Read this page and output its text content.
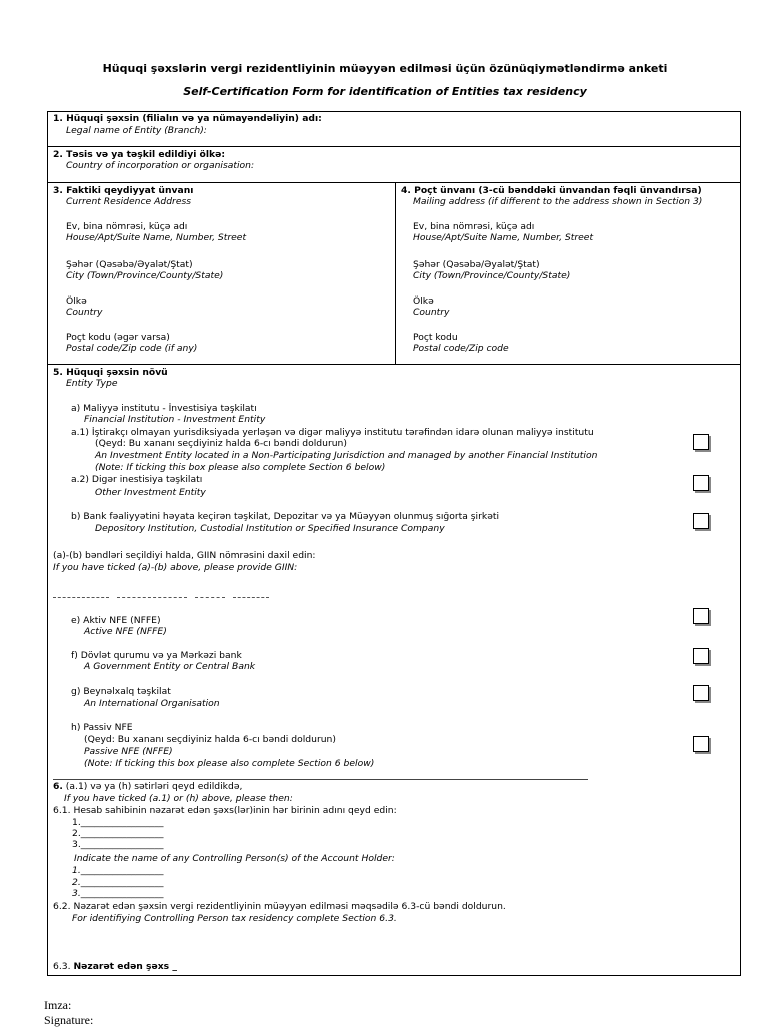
Hüquqi şəxslərin vergi rezidentliyinin müəyyən edilməsi üçün özünüqiymətləndirmə anketi
Self-Certification Form for identification of Entities tax residency
1. Hüquqi şəxsin (filialın və ya nümayəndəliyin) adı:
Legal name of Entity (Branch):
2. Təsis və ya təşkil edildiyi ölkə:
Country of incorporation or organisation:
3. Faktiki qeydiyyat ünvanı
Current Residence Address
Ev, bina nömrəsi, küçə adı
House/Apt/Suite Name, Number, Street
Şəhər (Qəsəbə/Əyalət/Ştat)
City (Town/Province/County/State)
Ölkə
Country
Poçt kodu (əgər varsa)
Postal code/Zip code (if any)
4. Poçt ünvanı (3-cü bənddəki ünvandan fəqli ünvandırsa)
Mailing address (if different to the address shown in Section 3)
Ev, bina nömrəsi, küçə adı
House/Apt/Suite Name, Number, Street
Şəhər (Qəsəbə/Əyalət/Ştat)
City (Town/Province/County/State)
Ölkə
Country
Poçt kodu
Postal code/Zip code
5. Hüquqi şəxsin növü
Entity Type
a) Maliyyə institutu - İnvestisiya təşkilatı
Financial Institution - Investment Entity
a.1) İştirakçı olmayan yurisdiksiyada yerləşən və digər maliyyə institutu tərəfindən idarə olunan maliyyə institutu
(Qeyd: Bu xananı seçdiyiniz halda 6-cı bəndi doldurun)
An Investment Entity located in a Non-Participating Jurisdiction and managed by another Financial Institution
(Note: If ticking this box please also complete Section 6 below)
a.2) Digər inestisiya təşkilatı
Other Investment Entity
b) Bank fəaliyyətini həyata keçirən təşkilat, Depozitar və ya Müəyyən olunmuş sığorta şirkəti
Depository Institution, Custodial Institution or Specified Insurance Company
(a)-(b) bəndləri seçildiyi halda, GIIN nömrəsini daxil edin:
If you have ticked (a)-(b) above, please provide GIIN:
e) Aktiv NFE (NFFE)
Active NFE (NFFE)
f) Dövlət qurumu və ya Mərkəzi bank
A Government Entity or Central Bank
g) Beynəlxalq təşkilat
An International Organisation
h) Passiv NFE
(Qeyd: Bu xananı seçdiyiniz halda 6-cı bəndi doldurun)
Passive NFE (NFFE)
(Note: If ticking this box please also complete Section 6 below)
6. (a.1) və ya (h) sətirləri qeyd edildikdə,
If you have ticked (a.1) or (h) above, please then:
6.1. Hesab sahibinin nəzarət edən şəxs(lər)inin hər birinin adını qeyd edin:
1.__________________
2.__________________
3.__________________
Indicate the name of any Controlling Person(s) of the Account Holder:
1.__________________
2.__________________
3.__________________
6.2. Nəzarət edən şəxsin vergi rezidentliyinin müəyyən edilməsi məqsədilə 6.3-cü bəndi doldurun.
For identifiying Controlling Person tax residency complete Section 6.3.
6.3. Nəzarət edən şəxs _
Imza:
Signature:
